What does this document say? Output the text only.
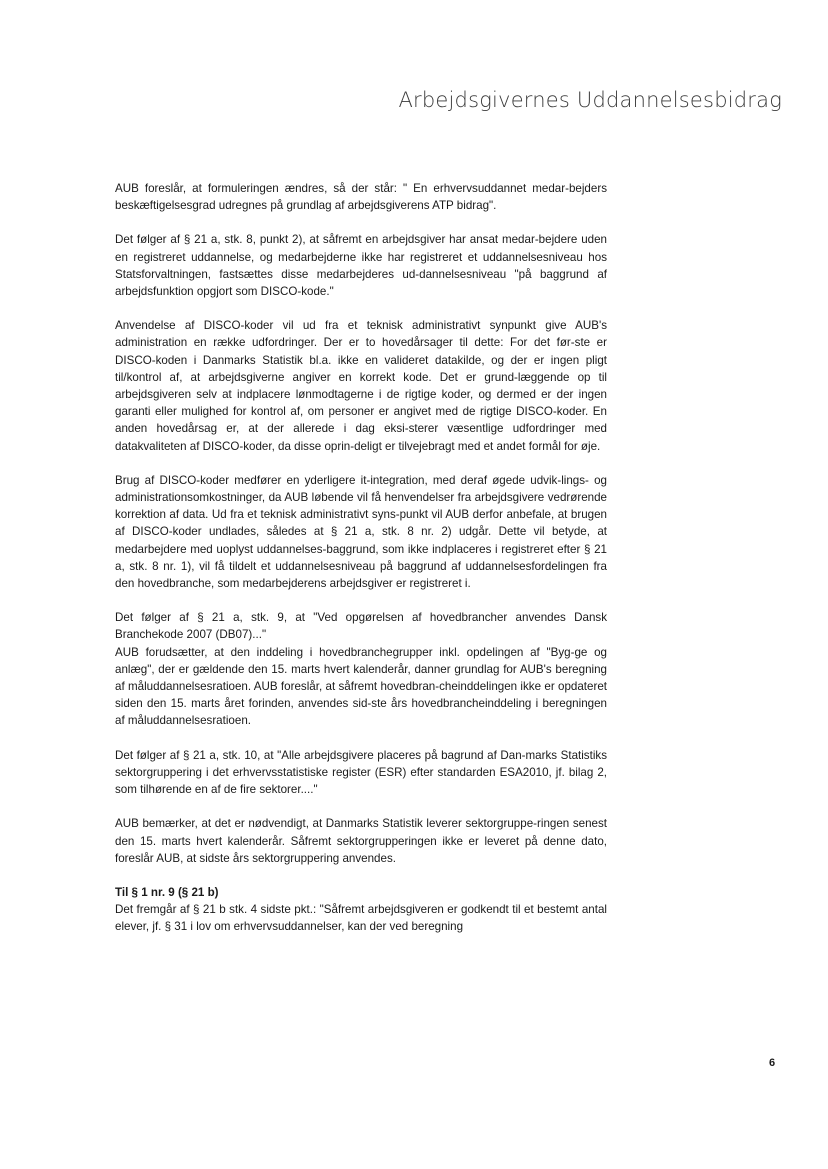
Arbejdsgivernes Uddannelsesbidrag

AUB foreslår, at formuleringen ændres, så der står: " En erhvervsuddannet medar-bejders beskæftigelsesgrad udregnes på grundlag af arbejdsgiverens ATP bidrag".

Det følger af § 21 a, stk. 8, punkt 2), at såfremt en arbejdsgiver har ansat medar-bejdere uden en registreret uddannelse, og medarbejderne ikke har registreret et uddannelsesniveau hos Statsforvaltningen, fastsættes disse medarbejderes ud-dannelsesniveau "på baggrund af arbejdsfunktion opgjort som DISCO-kode."

Anvendelse af DISCO-koder vil ud fra et teknisk administrativt synpunkt give AUB's administration en række udfordringer. Der er to hovedårsager til dette: For det før-ste er DISCO-koden i Danmarks Statistik bl.a. ikke en valideret datakilde, og der er ingen pligt til/kontrol af, at arbejdsgiverne angiver en korrekt kode. Det er grund-læggende op til arbejdsgiveren selv at indplacere lønmodtagerne i de rigtige koder, og dermed er der ingen garanti eller mulighed for kontrol af, om personer er angivet med de rigtige DISCO-koder. En anden hovedårsag er, at der allerede i dag eksi-sterer væsentlige udfordringer med datakvaliteten af DISCO-koder, da disse oprin-deligt er tilvejebragt med et andet formål for øje.

Brug af DISCO-koder medfører en yderligere it-integration, med deraf øgede udvik-lings- og administrationsomkostninger, da AUB løbende vil få henvendelser fra arbejdsgivere vedrørende korrektion af data. Ud fra et teknisk administrativt syns-punkt vil AUB derfor anbefale, at brugen af DISCO-koder undlades, således at § 21 a, stk. 8 nr. 2) udgår. Dette vil betyde, at medarbejdere med uoplyst uddannelses-baggrund, som ikke indplaceres i registreret efter § 21 a, stk. 8 nr. 1), vil få tildelt et uddannelsesniveau på baggrund af uddannelsesfordelingen fra den hovedbranche, som medarbejderens arbejdsgiver er registreret i.

Det følger af § 21 a, stk. 9, at "Ved opgørelsen af hovedbrancher anvendes Dansk Branchekode 2007 (DB07)..."

AUB forudsætter, at den inddeling i hovedbranchegrupper inkl. opdelingen af "Byg-ge og anlæg", der er gældende den 15. marts hvert kalenderår, danner grundlag for AUB's beregning af måluddannelsesratioen. AUB foreslår, at såfremt hovedbran-cheinddelingen ikke er opdateret siden den 15. marts året forinden, anvendes sid-ste års hovedbrancheinddeling i beregningen af måluddannelsesratioen.

Det følger af § 21 a, stk. 10, at "Alle arbejdsgivere placeres på bagrund af Dan-marks Statistiks sektorgruppering i det erhvervsstatistiske register (ESR) efter standarden ESA2010, jf. bilag 2, som tilhørende en af de fire sektorer...."

AUB bemærker, at det er nødvendigt, at Danmarks Statistik leverer sektorgruppe-ringen senest den 15. marts hvert kalenderår. Såfremt sektorgrupperingen ikke er leveret på denne dato, foreslår AUB, at sidste års sektorgruppering anvendes.

Til § 1 nr. 9 (§ 21 b)

Det fremgår af § 21 b stk. 4 sidste pkt.: "Såfremt arbejdsgiveren er godkendt til et bestemt antal elever, jf. § 31 i lov om erhvervsuddannelser, kan der ved beregning

6
